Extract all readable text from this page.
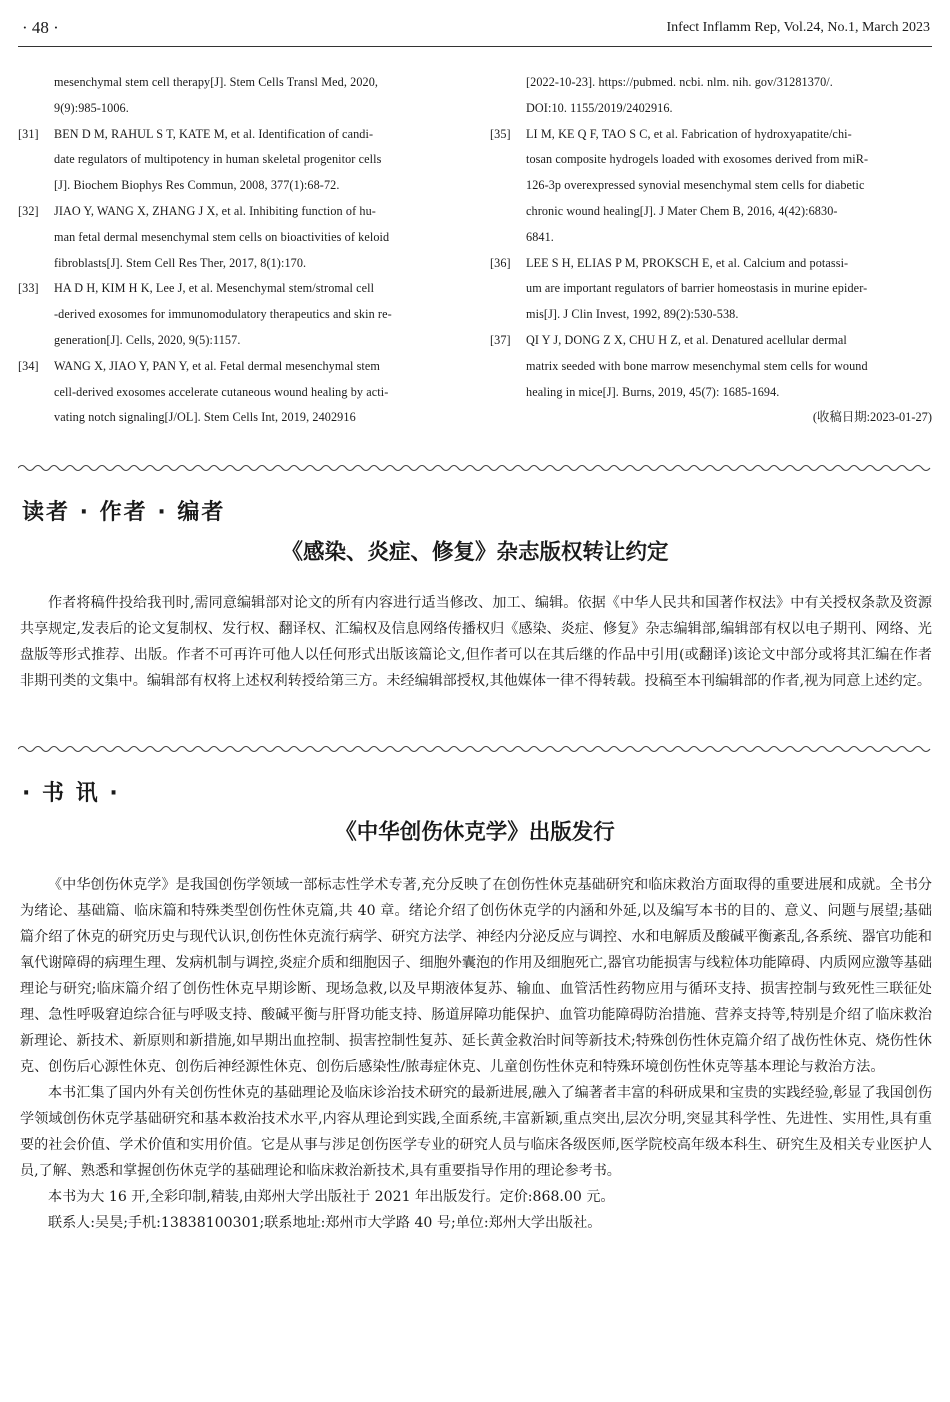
· 48 ·	Infect Inflamm Rep, Vol.24, No.1, March 2023
mesenchymal stem cell therapy[J]. Stem Cells Transl Med, 2020,
9(9):985-1006.
[31]	BEN D M, RAHUL S T, KATE M, et al. Identification of candi-
date regulators of multipotency in human skeletal progenitor cells
[J]. Biochem Biophys Res Commun, 2008, 377(1):68-72.
[32]	JIAO Y, WANG X, ZHANG J X, et al. Inhibiting function of hu-
man fetal dermal mesenchymal stem cells on bioactivities of keloid
fibroblasts[J]. Stem Cell Res Ther, 2017, 8(1):170.
[33]	HA D H, KIM H K, Lee J, et al. Mesenchymal stem/stromal cell
-derived exosomes for immunomodulatory therapeutics and skin re-
generation[J]. Cells, 2020, 9(5):1157.
[34]	WANG X, JIAO Y, PAN Y, et al. Fetal dermal mesenchymal stem
cell-derived exosomes accelerate cutaneous wound healing by acti-
vating notch signaling[J/OL]. Stem Cells Int, 2019, 2402916
[2022-10-23]. https://pubmed. ncbi. nlm. nih. gov/31281370/.
DOI:10. 1155/2019/2402916.
[35]	LI M, KE Q F, TAO S C, et al. Fabrication of hydroxyapatite/chi-
tosan composite hydrogels loaded with exosomes derived from miR-
126-3p overexpressed synovial mesenchymal stem cells for diabetic
chronic wound healing[J]. J Mater Chem B, 2016, 4(42):6830-
6841.
[36]	LEE S H, ELIAS P M, PROKSCH E, et al. Calcium and potassi-
um are important regulators of barrier homeostasis in murine epider-
mis[J]. J Clin Invest, 1992, 89(2):530-538.
[37]	QI Y J, DONG Z X, CHU H Z, et al. Denatured acellular dermal
matrix seeded with bone marrow mesenchymal stem cells for wound
healing in mice[J]. Burns, 2019, 45(7): 1685-1694.
(收稿日期:2023-01-27)
读者 · 作者 · 编者
《感染、炎症、修复》杂志版权转让约定

作者将稿件投给我刊时,需同意编辑部对论文的所有内容进行适当修改、加工、编辑。依据《中华人民共和国著作权法》中有关授权条款及资源共享规定,发表后的论文复制权、发行权、翻译权、汇编权及信息网络传播权归《感染、炎症、修复》杂志编辑部,编辑部有权以电子期刊、网络、光盘版等形式推荐、出版。作者不可再许可他人以任何形式出版该篇论文,但作者可以在其后继的作品中引用(或翻译)该论文中部分或将其汇编在作者非期刊类的文集中。编辑部有权将上述权利转授给第三方。未经编辑部授权,其他媒体一律不得转载。投稿至本刊编辑部的作者,视为同意上述约定。

· 书 讯 ·
《中华创伤休克学》出版发行

《中华创伤休克学》是我国创伤学领域一部标志性学术专著,充分反映了在创伤性休克基础研究和临床救治方面取得的重要进展和成就。全书分为绪论、基础篇、临床篇和特殊类型创伤性休克篇,共 40 章。绪论介绍了创伤休克学的内涵和外延,以及编写本书的目的、意义、问题与展望;基础篇介绍了休克的研究历史与现代认识,创伤性休克流行病学、研究方法学、神经内分泌反应与调控、水和电解质及酸碱平衡紊乱,各系统、器官功能和氧代谢障碍的病理生理、发病机制与调控,炎症介质和细胞因子、细胞外囊泡的作用及细胞死亡,器官功能损害与线粒体功能障碍、内质网应激等基础理论与研究;临床篇介绍了创伤性休克早期诊断、现场急救,以及早期液体复苏、输血、血管活性药物应用与循环支持、损害控制与致死性三联征处理、急性呼吸窘迫综合征与呼吸支持、酸碱平衡与肝肾功能支持、肠道屏障功能保护、血管功能障碍防治措施、营养支持等,特别是介绍了临床救治新理论、新技术、新原则和新措施,如早期出血控制、损害控制性复苏、延长黄金救治时间等新技术;特殊创伤性休克篇介绍了战伤性休克、烧伤性休克、创伤后心源性休克、创伤后神经源性休克、创伤后感染性/脓毒症休克、儿童创伤性休克和特殊环境创伤性休克等基本理论与救治方法。

本书汇集了国内外有关创伤性休克的基础理论及临床诊治技术研究的最新进展,融入了编著者丰富的科研成果和宝贵的实践经验,彰显了我国创伤学领域创伤休克学基础研究和基本救治技术水平,内容从理论到实践,全面系统,丰富新颖,重点突出,层次分明,突显其科学性、先进性、实用性,具有重要的社会价值、学术价值和实用价值。它是从事与涉足创伤医学专业的研究人员与临床各级医师,医学院校高年级本科生、研究生及相关专业医护人员,了解、熟悉和掌握创伤休克学的基础理论和临床救治新技术,具有重要指导作用的理论参考书。

本书为大 16 开,全彩印制,精装,由郑州大学出版社于 2021 年出版发行。定价:868.00 元。

联系人:吴昊;手机:13838100301;联系地址:郑州市大学路 40 号;单位:郑州大学出版社。
